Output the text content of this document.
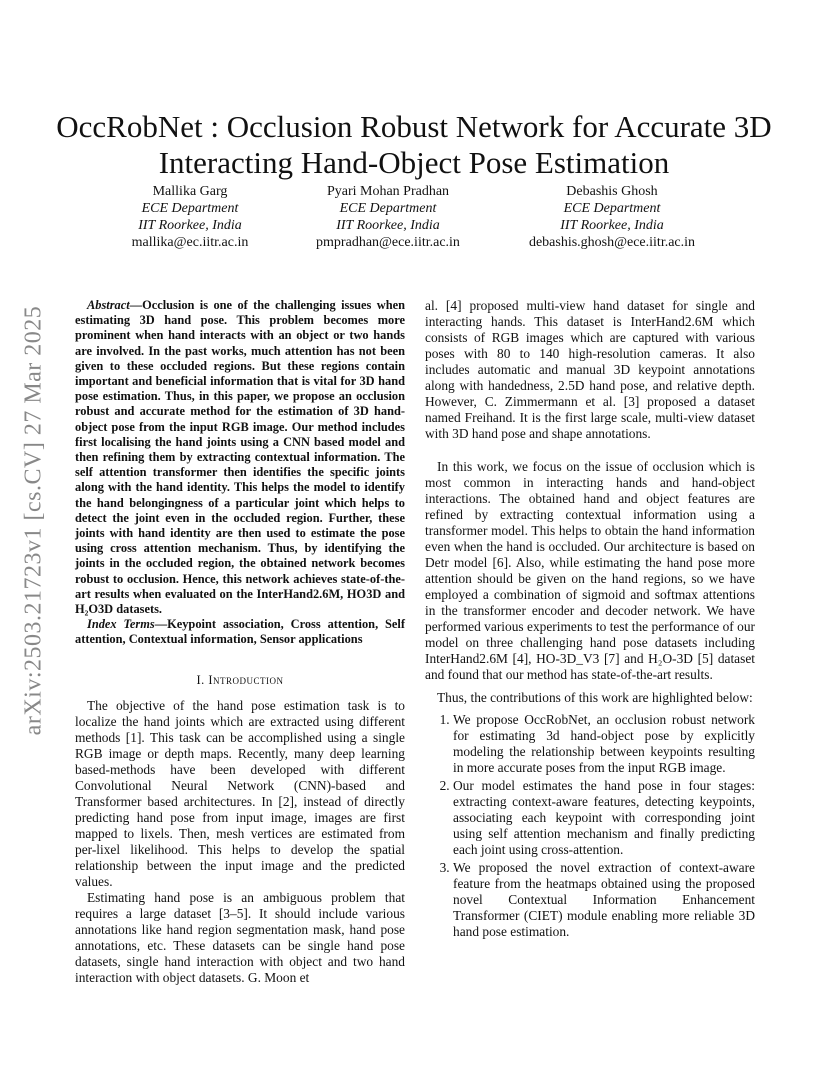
arXiv:2503.21723v1 [cs.CV] 27 Mar 2025
OccRobNet : Occlusion Robust Network for Accurate 3D Interacting Hand-Object Pose Estimation
Mallika Garg
ECE Department
IIT Roorkee, India
mallika@ec.iitr.ac.in
Pyari Mohan Pradhan
ECE Department
IIT Roorkee, India
pmpradhan@ece.iitr.ac.in
Debashis Ghosh
ECE Department
IIT Roorkee, India
debashis.ghosh@ece.iitr.ac.in

Abstract—Occlusion is one of the challenging issues when estimating 3D hand pose. This problem becomes more prominent when hand interacts with an object or two hands are involved. In the past works, much attention has not been given to these occluded regions. But these regions contain important and beneficial information that is vital for 3D hand pose estimation. Thus, in this paper, we propose an occlusion robust and accurate method for the estimation of 3D hand-object pose from the input RGB image. Our method includes first localising the hand joints using a CNN based model and then refining them by extracting contextual information. The self attention transformer then identifies the specific joints along with the hand identity. This helps the model to identify the hand belongingness of a particular joint which helps to detect the joint even in the occluded region. Further, these joints with hand identity are then used to estimate the pose using cross attention mechanism. Thus, by identifying the joints in the occluded region, the obtained network becomes robust to occlusion. Hence, this network achieves state-of-the-art results when evaluated on the InterHand2.6M, HO3D and H₂O3D datasets.

Index Terms—Keypoint association, Cross attention, Self attention, Contextual information, Sensor applications

I. Introduction

The objective of the hand pose estimation task is to localize the hand joints which are extracted using different methods [1]. This task can be accomplished using a single RGB image or depth maps. Recently, many deep learning based-methods have been developed with different Convolutional Neural Network (CNN)-based and Transformer based architectures. In [2], instead of directly predicting hand pose from input image, images are first mapped to lixels. Then, mesh vertices are estimated from per-lixel likelihood. This helps to develop the spatial relationship between the input image and the predicted values.

Estimating hand pose is an ambiguous problem that requires a large dataset [3–5]. It should include various annotations like hand region segmentation mask, hand pose annotations, etc. These datasets can be single hand pose datasets, single hand interaction with object and two hand interaction with object datasets. G. Moon et

al. [4] proposed multi-view hand dataset for single and interacting hands. This dataset is InterHand2.6M which consists of RGB images which are captured with various poses with 80 to 140 high-resolution cameras. It also includes automatic and manual 3D keypoint annotations along with handedness, 2.5D hand pose, and relative depth. However, C. Zimmermann et al. [3] proposed a dataset named Freihand. It is the first large scale, multi-view dataset with 3D hand pose and shape annotations.

In this work, we focus on the issue of occlusion which is most common in interacting hands and hand-object interactions. The obtained hand and object features are refined by extracting contextual information using a transformer model. This helps to obtain the hand information even when the hand is occluded. Our architecture is based on Detr model [6]. Also, while estimating the hand pose more attention should be given on the hand regions, so we have employed a combination of sigmoid and softmax attentions in the transformer encoder and decoder network. We have performed various experiments to test the performance of our model on three challenging hand pose datasets including InterHand2.6M [4], HO-3D_V3 [7] and H₂O-3D [5] dataset and found that our method has state-of-the-art results.

Thus, the contributions of this work are highlighted below:

1. We propose OccRobNet, an occlusion robust network for estimating 3d hand-object pose by explicitly modeling the relationship between keypoints resulting in more accurate poses from the input RGB image.
2. Our model estimates the hand pose in four stages: extracting context-aware features, detecting keypoints, associating each keypoint with corresponding joint using self attention mechanism and finally predicting each joint using cross-attention.
3. We proposed the novel extraction of context-aware feature from the heatmaps obtained using the proposed novel Contextual Information Enhancement Transformer (CIET) module enabling more reliable 3D hand pose estimation.
